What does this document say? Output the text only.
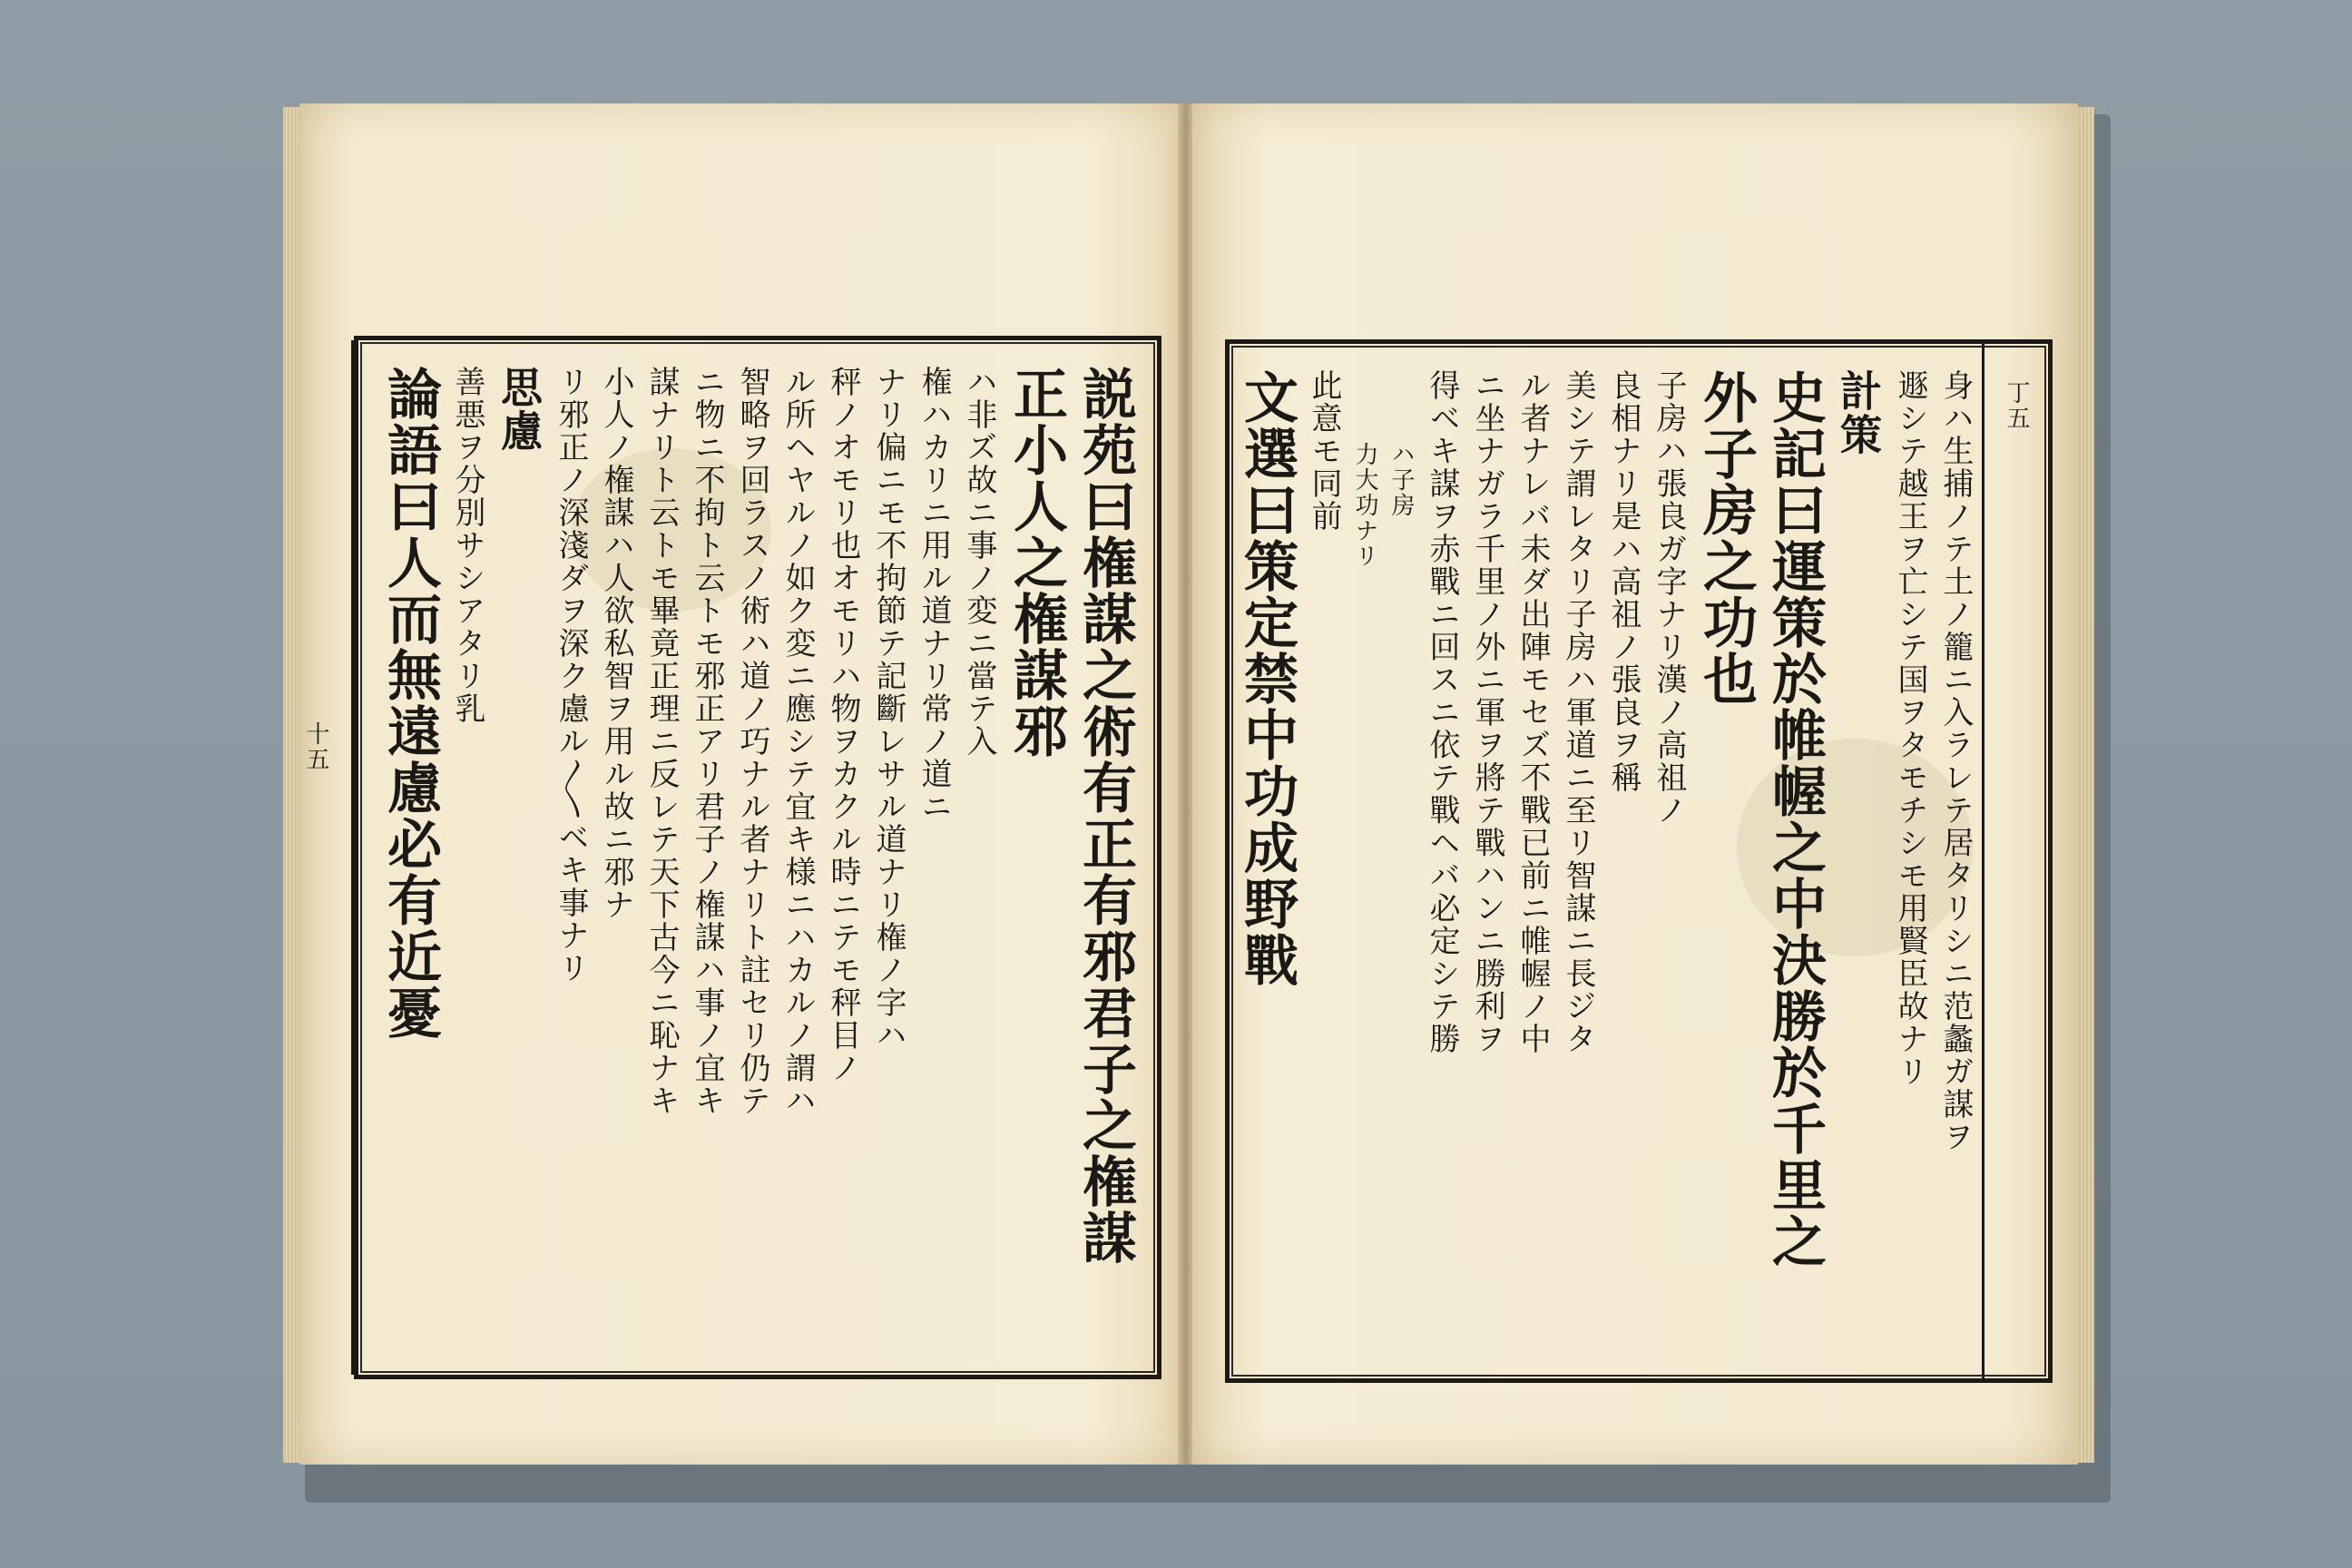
十五	説苑曰権謀之術有正有邪君子之権謀
正小人之権謀邪
ハ非ズ故ニ事ノ変ニ當テ入
権ハカリニ用ル道ナリ常ノ道ニ
ナリ偏ニモ不拘節テ記斷レサル道ナリ権ノ字ハ
秤ノオモリ也オモリハ物ヲカクル時ニテモ秤目ノ
ル所ヘヤルノ如ク変ニ應シテ宜キ様ニハカルノ謂ハ
智略ヲ回ラスノ術ハ道ノ巧ナル者ナリト註セリ仍テ
ニ物ニ不拘ト云トモ邪正アリ君子ノ権謀ハ事ノ宜キ
謀ナリト云トモ畢竟正理ニ反レテ天下古今ニ恥ナキ
小人ノ権謀ハ人欲私智ヲ用ル故ニ邪ナ
リ邪正ノ深淺ダヲ深ク慮ル〳〵ベキ事ナリ
思慮
善悪ヲ分別サシアタリ乳
論語曰人而無遠慮必有近憂	丁五
身ハ生捕ノテ土ノ籠ニ入ラレテ居タリシニ范蠡ガ謀ヲ
遯シテ越王ヲ亡シテ国ヲタモチシモ用賢臣故ナリ
計策
史記曰運策於帷幄之中決勝於千里之
外子房之功也
子房ハ張良ガ字ナリ漢ノ高祖ノ
良相ナリ是ハ高祖ノ張良ヲ稱
美シテ謂レタリ子房ハ軍道ニ至リ智謀ニ長ジタ
ル者ナレバ未ダ出陣モセズ不戰已前ニ帷幄ノ中
ニ坐ナガラ千里ノ外ニ軍ヲ將テ戰ハンニ勝利ヲ
得ベキ謀ヲ赤戰ニ回スニ依テ戰ヘバ必定シテ勝
ハ子房
力大功ナリ
此意モ同前
文選曰策定禁中功成野戰
